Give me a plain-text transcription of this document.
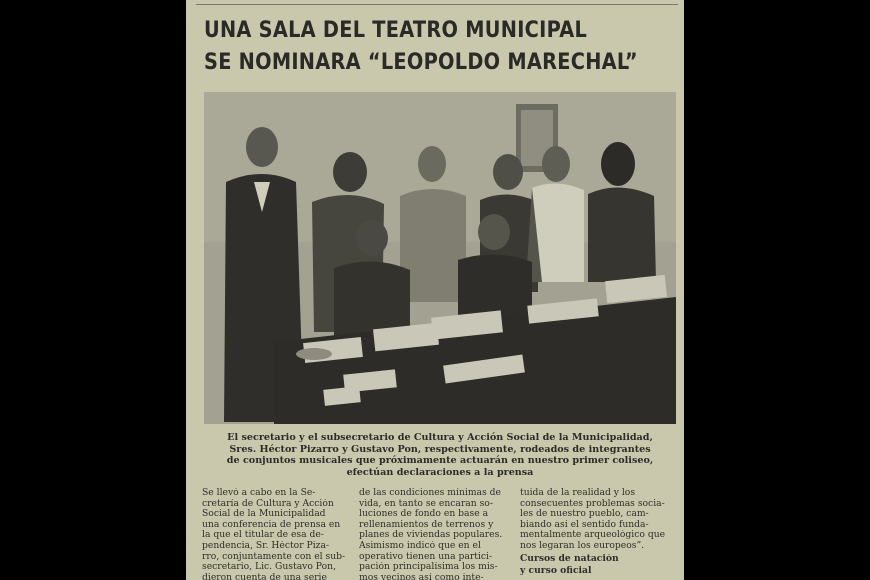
UNA SALA DEL TEATRO MUNICIPAL
SE NOMINARA “LEOPOLDO MARECHAL”
El secretario y el subsecretario de Cultura y Acción Social de la Municipalidad,
Sres. Héctor Pizarro y Gustavo Pon, respectivamente, rodeados de integrantes
de conjuntos musicales que próximamente actuarán en nuestro primer coliseo,
efectúan declaraciones a la prensa
Se llevó a cabo en la Se-
cretaría de Cultura y Acción
Social de la Municipalidad
una conferencia de prensa en
la que el titular de esa de-
pendencia, Sr. Héctor Piza-
rro, conjuntamente con el sub-
secretario, Lic. Gustavo Pon,
dieron cuenta de una serie
de las condiciones mínimas de
vida, en tanto se encaran so-
luciones de fondo en base a
rellenamientos de terrenos y
planes de viviendas populares.
Asimismo indicó que en el
operativo tienen una partici-
pación principalísima los mis-
mos vecinos así como inte-
tuida de la realidad y los
consecuentes problemas socia-
les de nuestro pueblo, cam-
biando así el sentido funda-
mentalmente arqueológico que
nos legaran los europeos”.
Cursos de natación
y curso oficial
